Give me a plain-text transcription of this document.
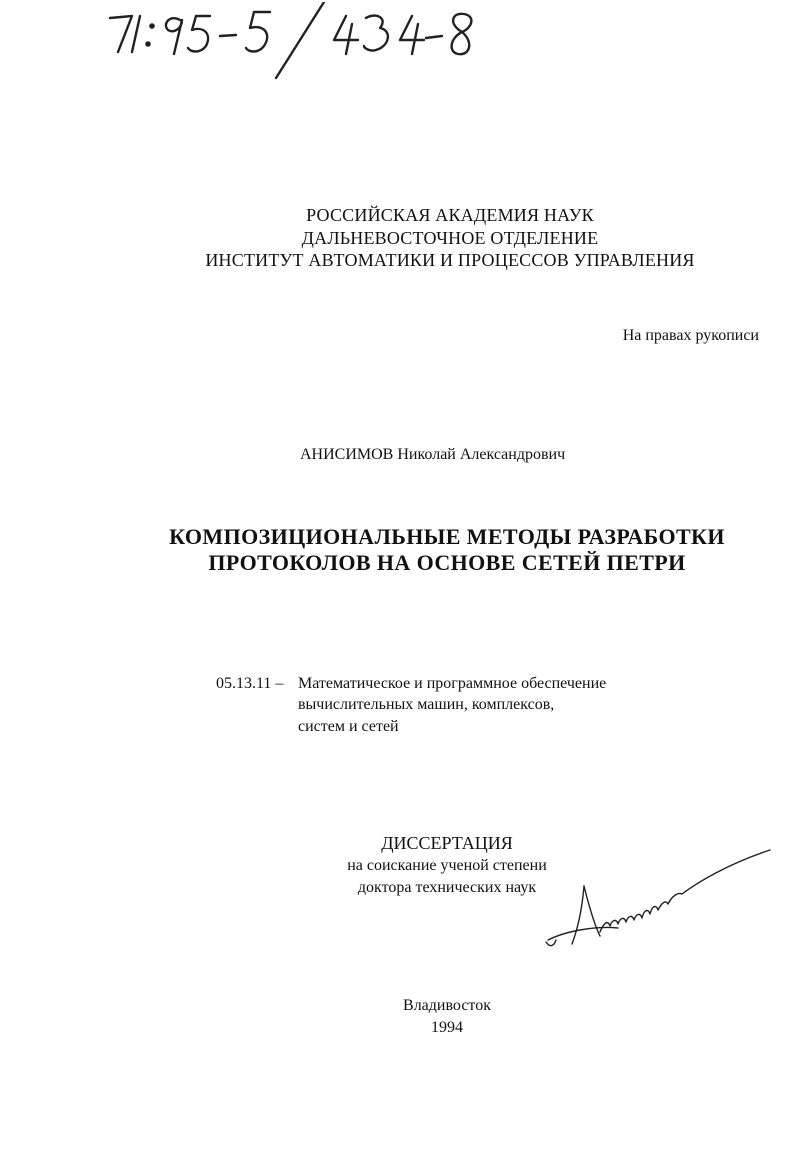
РОССИЙСКАЯ АКАДЕМИЯ НАУК
ДАЛЬНЕВОСТОЧНОЕ ОТДЕЛЕНИЕ
ИНСТИТУТ АВТОМАТИКИ И ПРОЦЕССОВ УПРАВЛЕНИЯ
На правах рукописи
АНИСИМОВ Николай Александрович
КОМПОЗИЦИОНАЛЬНЫЕ МЕТОДЫ РАЗРАБОТКИ
ПРОТОКОЛОВ НА ОСНОВЕ СЕТЕЙ ПЕТРИ
05.13.11 – Математическое и программное обеспечение
вычислительных машин, комплексов,
систем и сетей
ДИССЕРТАЦИЯ
на соискание ученой степени
доктора технических наук
Владивосток
1994
